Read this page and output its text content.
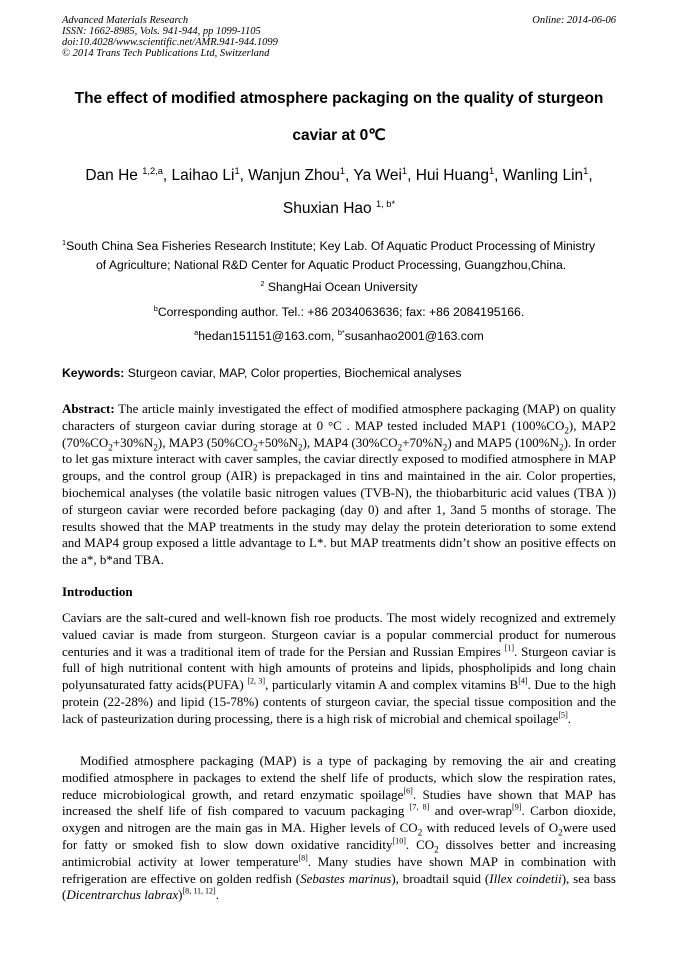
Advanced Materials Research
ISSN: 1662-8985, Vols. 941-944, pp 1099-1105
doi:10.4028/www.scientific.net/AMR.941-944.1099
© 2014 Trans Tech Publications Ltd, Switzerland
Online: 2014-06-06
The effect of modified atmosphere packaging on the quality of sturgeon
caviar at 0℃
Dan He $^{1,2,a}$, Laihao Li$^1$, Wanjun Zhou$^1$, Ya Wei$^1$, Hui Huang$^1$, Wanling Lin$^1$,
Shuxian Hao $^{1, b*}$
$^1$South China Sea Fisheries Research Institute; Key Lab. Of Aquatic Product Processing of Ministry
of Agriculture; National R&D Center for Aquatic Product Processing, Guangzhou,China.
$^2$ ShangHai Ocean University
$^b$Corresponding author. Tel.: +86 2034063636; fax: +86 2084195166.
$^a$hedan151151@163.com, $^{b*}$susanhao2001@163.com
Keywords: Sturgeon caviar, MAP, Color properties, Biochemical analyses
Abstract: The article mainly investigated the effect of modified atmosphere packaging (MAP) on quality characters of sturgeon caviar during storage at 0 °C . MAP tested included MAP1 $(100\%CO_2)$, MAP2 $(70\%CO_2+30\%N_2)$, MAP3 $(50\%CO_2+50\%N_2)$, MAP4 $(30\%CO_2+70\%N_2)$ and MAP5 $(100\%N_2)$. In order to let gas mixture interact with caver samples, the caviar directly exposed to modified atmosphere in MAP groups, and the control group (AIR) is prepackaged in tins and maintained in the air. Color properties, biochemical analyses (the volatile basic nitrogen values (TVB-N), the thiobarbituric acid values (TBA )) of sturgeon caviar were recorded before packaging (day 0) and after 1, 3and 5 months of storage. The results showed that the MAP treatments in the study may delay the protein deterioration to some extend and MAP4 group exposed a little advantage to L*. but MAP treatments didn’t show an positive effects on the a*, b*and TBA.
Introduction
Caviars are the salt-cured and well-known fish roe products. The most widely recognized and extremely valued caviar is made from sturgeon. Sturgeon caviar is a popular commercial product for numerous centuries and it was a traditional item of trade for the Persian and Russian Empires [1]. Sturgeon caviar is full of high nutritional content with high amounts of proteins and lipids, phospholipids and long chain polyunsaturated fatty acids(PUFA) [2, 3], particularly vitamin A and complex vitamins B[4]. Due to the high protein (22-28%) and lipid (15-78%) contents of sturgeon caviar, the special tissue composition and the lack of pasteurization during processing, there is a high risk of microbial and chemical spoilage[5].
Modified atmosphere packaging (MAP) is a type of packaging by removing the air and creating modified atmosphere in packages to extend the shelf life of products, which slow the respiration rates, reduce microbiological growth, and retard enzymatic spoilage[6]. Studies have shown that MAP has increased the shelf life of fish compared to vacuum packaging [7, 8] and over-wrap[9]. Carbon dioxide, oxygen and nitrogen are the main gas in MA. Higher levels of $CO_2$ with reduced levels of $O_2were$ used for fatty or smoked fish to slow down oxidative rancidity[10]. $CO_2$ dissolves better and increasing antimicrobial activity at lower temperature[8]. Many studies have shown MAP in combination with refrigeration are effective on golden redfish (Sebastes marinus), broadtail squid (Illex coindetii), sea bass (Dicentrarchus labrax)[8, 11, 12].
